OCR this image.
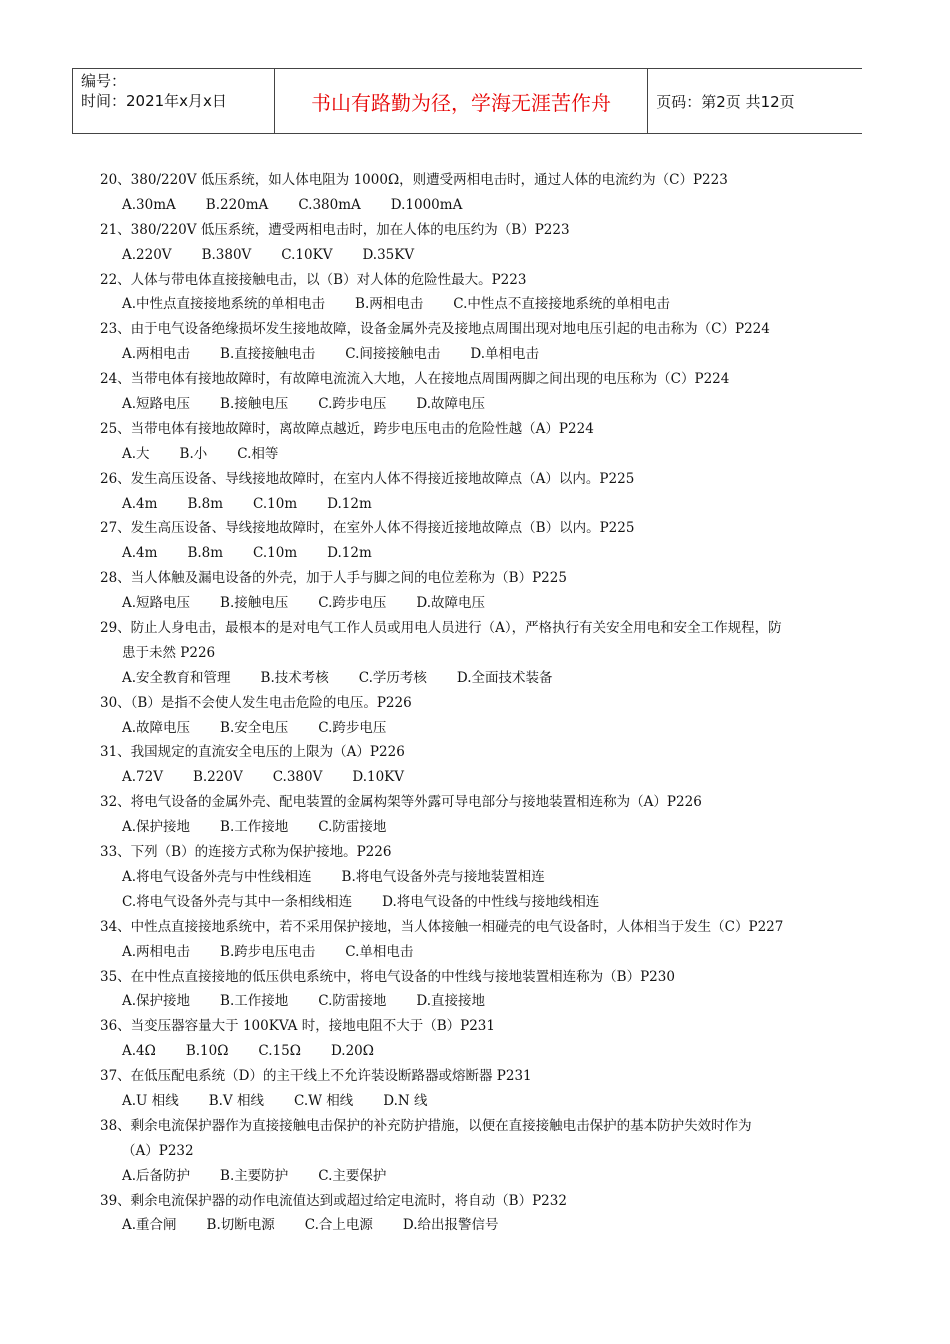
编号：
时间：2021年x月x日	书山有路勤为径，学海无涯苦作舟	页码：第2页 共12页
20、380/220V 低压系统，如人体电阻为 1000Ω，则遭受两相电击时，通过人体的电流约为（C）P223
A.30mA B.220mA C.380mA D.1000mA
21、380/220V 低压系统，遭受两相电击时，加在人体的电压约为（B）P223
A.220V B.380V C.10KV D.35KV
22、人体与带电体直接接触电击，以（B）对人体的危险性最大。P223
A.中性点直接接地系统的单相电击 B.两相电击 C.中性点不直接接地系统的单相电击
23、由于电气设备绝缘损坏发生接地故障，设备金属外壳及接地点周围出现对地电压引起的电击称为（C）P224
A.两相电击 B.直接接触电击 C.间接接触电击 D.单相电击
24、当带电体有接地故障时，有故障电流流入大地，人在接地点周围两脚之间出现的电压称为（C）P224
A.短路电压 B.接触电压 C.跨步电压 D.故障电压
25、当带电体有接地故障时，离故障点越近，跨步电压电击的危险性越（A）P224
A.大 B.小 C.相等
26、发生高压设备、导线接地故障时，在室内人体不得接近接地故障点（A）以内。P225
A.4m B.8m C.10m D.12m
27、发生高压设备、导线接地故障时，在室外人体不得接近接地故障点（B）以内。P225
A.4m B.8m C.10m D.12m
28、当人体触及漏电设备的外壳，加于人手与脚之间的电位差称为（B）P225
A.短路电压 B.接触电压 C.跨步电压 D.故障电压
29、防止人身电击，最根本的是对电气工作人员或用电人员进行（A），严格执行有关安全用电和安全工作规程，防
患于未然 P226
A.安全教育和管理 B.技术考核 C.学历考核 D.全面技术装备
30、（B）是指不会使人发生电击危险的电压。P226
A.故障电压 B.安全电压 C.跨步电压
31、我国规定的直流安全电压的上限为（A）P226
A.72V B.220V C.380V D.10KV
32、将电气设备的金属外壳、配电装置的金属构架等外露可导电部分与接地装置相连称为（A）P226
A.保护接地 B.工作接地 C.防雷接地
33、下列（B）的连接方式称为保护接地。P226
A.将电气设备外壳与中性线相连 B.将电气设备外壳与接地装置相连
C.将电气设备外壳与其中一条相线相连 D.将电气设备的中性线与接地线相连
34、中性点直接接地系统中，若不采用保护接地，当人体接触一相碰壳的电气设备时，人体相当于发生（C）P227
A.两相电击 B.跨步电压电击 C.单相电击
35、在中性点直接接地的低压供电系统中，将电气设备的中性线与接地装置相连称为（B）P230
A.保护接地 B.工作接地 C.防雷接地 D.直接接地
36、当变压器容量大于 100KVA 时，接地电阻不大于（B）P231
A.4Ω B.10Ω C.15Ω D.20Ω
37、在低压配电系统（D）的主干线上不允许装设断路器或熔断器 P231
A.U 相线 B.V 相线 C.W 相线 D.N 线
38、剩余电流保护器作为直接接触电击保护的补充防护措施，以便在直接接触电击保护的基本防护失效时作为
（A）P232
A.后备防护 B.主要防护 C.主要保护
39、剩余电流保护器的动作电流值达到或超过给定电流时，将自动（B）P232
A.重合闸 B.切断电源 C.合上电源 D.给出报警信号
